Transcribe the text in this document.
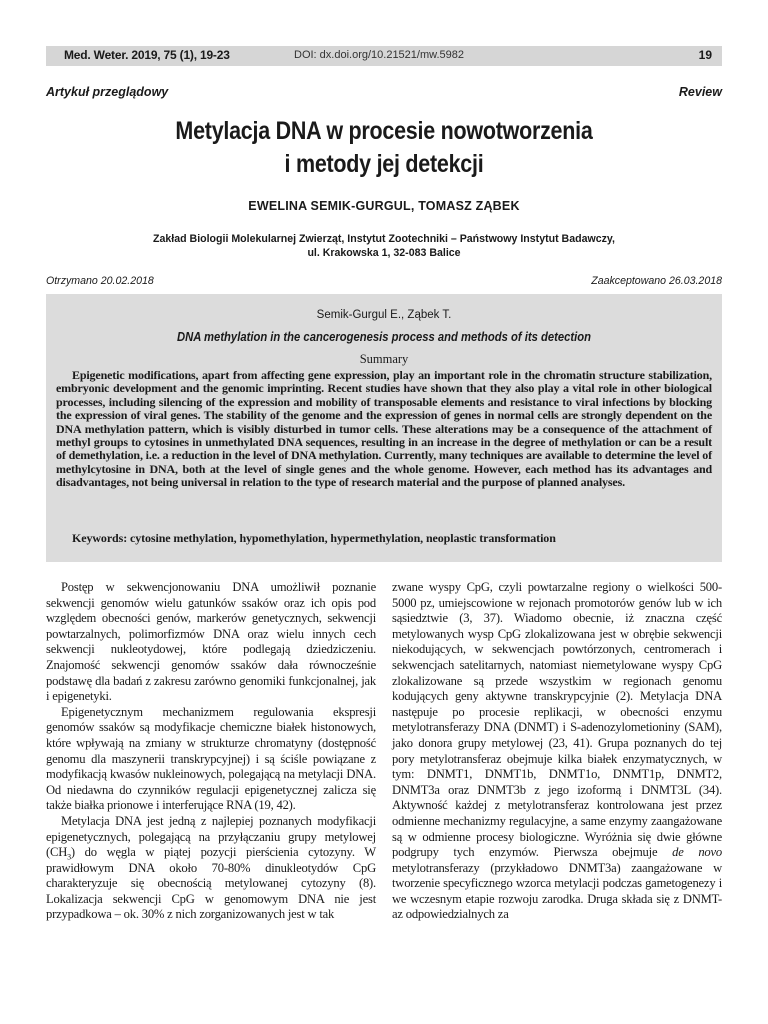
Med. Weter. 2019, 75 (1), 19-23	DOI: dx.doi.org/10.21521/mw.5982	19
Artykuł przeglądowy	Review
Metylacja DNA w procesie nowotworzenia
i metody jej detekcji
EWELINA SEMIK-GURGUL, TOMASZ ZĄBEK
Zakład Biologii Molekularnej Zwierząt, Instytut Zootechniki – Państwowy Instytut Badawczy,
ul. Krakowska 1, 32-083 Balice
Otrzymano 20.02.2018	Zaakceptowano 26.03.2018
Semik-Gurgul E., Ząbek T.
DNA methylation in the cancerogenesis process and methods of its detection
Summary

Epigenetic modifications, apart from affecting gene expression, play an important role in the chromatin structure stabilization, embryonic development and the genomic imprinting. Recent studies have shown that they also play a vital role in other biological processes, including silencing of the expression and mobility of transposable elements and resistance to viral infections by blocking the expression of viral genes. The stability of the genome and the expression of genes in normal cells are strongly dependent on the DNA methylation pattern, which is visibly disturbed in tumor cells. These alterations may be a consequence of the attachment of methyl groups to cytosines in unmethylated DNA sequences, resulting in an increase in the degree of methylation or can be a result of demethylation, i.e. a reduction in the level of DNA methylation. Currently, many techniques are available to determine the level of methylcytosine in DNA, both at the level of single genes and the whole genome. However, each method has its advantages and disadvantages, not being universal in relation to the type of research material and the purpose of planned analyses.

Keywords: cytosine methylation, hypomethylation, hypermethylation, neoplastic transformation

Postęp w sekwencjonowaniu DNA umożliwił poznanie sekwencji genomów wielu gatunków ssaków oraz ich opis pod względem obecności genów, markerów genetycznych, sekwencji powtarzalnych, polimorfizmów DNA oraz wielu innych cech sekwencji nukleotydowej, które podlegają dziedziczeniu. Znajomość sekwencji genomów ssaków dała równocześnie podstawę dla badań z zakresu zarówno genomiki funkcjonalnej, jak i epigenetyki.

Epigenetycznym mechanizmem regulowania ekspresji genomów ssaków są modyfikacje chemiczne białek histonowych, które wpływają na zmiany w strukturze chromatyny (dostępność genomu dla maszynerii transkrypcyjnej) i są ściśle powiązane z modyfikacją kwasów nukleinowych, polegającą na metylacji DNA. Od niedawna do czynników regulacji epigenetycznej zalicza się także białka prionowe i interferujące RNA (19, 42).

Metylacja DNA jest jedną z najlepiej poznanych modyfikacji epigenetycznych, polegającą na przyłączaniu grupy metylowej $(CH_3)$ do węgla w piątej pozycji pierścienia cytozyny. W prawidłowym DNA około 70-80% dinukleotydów CpG charakteryzuje się obecnością metylowanej cytozyny (8). Lokalizacja sekwencji CpG w genomowym DNA nie jest przypadkowa – ok. 30% z nich zorganizowanych jest w tak

zwane wyspy CpG, czyli powtarzalne regiony o wielkości 500-5000 pz, umiejscowione w rejonach promotorów genów lub w ich sąsiedztwie (3, 37). Wiadomo obecnie, iż znaczna część metylowanych wysp CpG zlokalizowana jest w obrębie sekwencji niekodujących, w sekwencjach powtórzonych, centromerach i sekwencjach satelitarnych, natomiast niemetylowane wyspy CpG zlokalizowane są przede wszystkim w regionach genomu kodujących geny aktywne transkrypcyjnie (2). Metylacja DNA następuje po procesie replikacji, w obecności enzymu metylotransferazy DNA (DNMT) i S-adenozylometioniny (SAM), jako donora grupy metylowej (23, 41). Grupa poznanych do tej pory metylotransferaz obejmuje kilka białek enzymatycznych, w tym: DNMT1, DNMT1b, DNMT1o, DNMT1p, DNMT2, DNMT3a oraz DNMT3b z jego izoformą i DNMT3L (34). Aktywność każdej z metylotransferaz kontrolowana jest przez odmienne mechanizmy regulacyjne, a same enzymy zaangażowane są w odmienne procesy biologiczne. Wyróżnia się dwie główne podgrupy tych enzymów. Pierwsza obejmuje de novo metylotransferazy (przykładowo DNMT3a) zaangażowane w tworzenie specyficznego wzorca metylacji podczas gametogenezy i we wczesnym etapie rozwoju zarodka. Druga składa się z DNMT-az odpowiedzialnych za
